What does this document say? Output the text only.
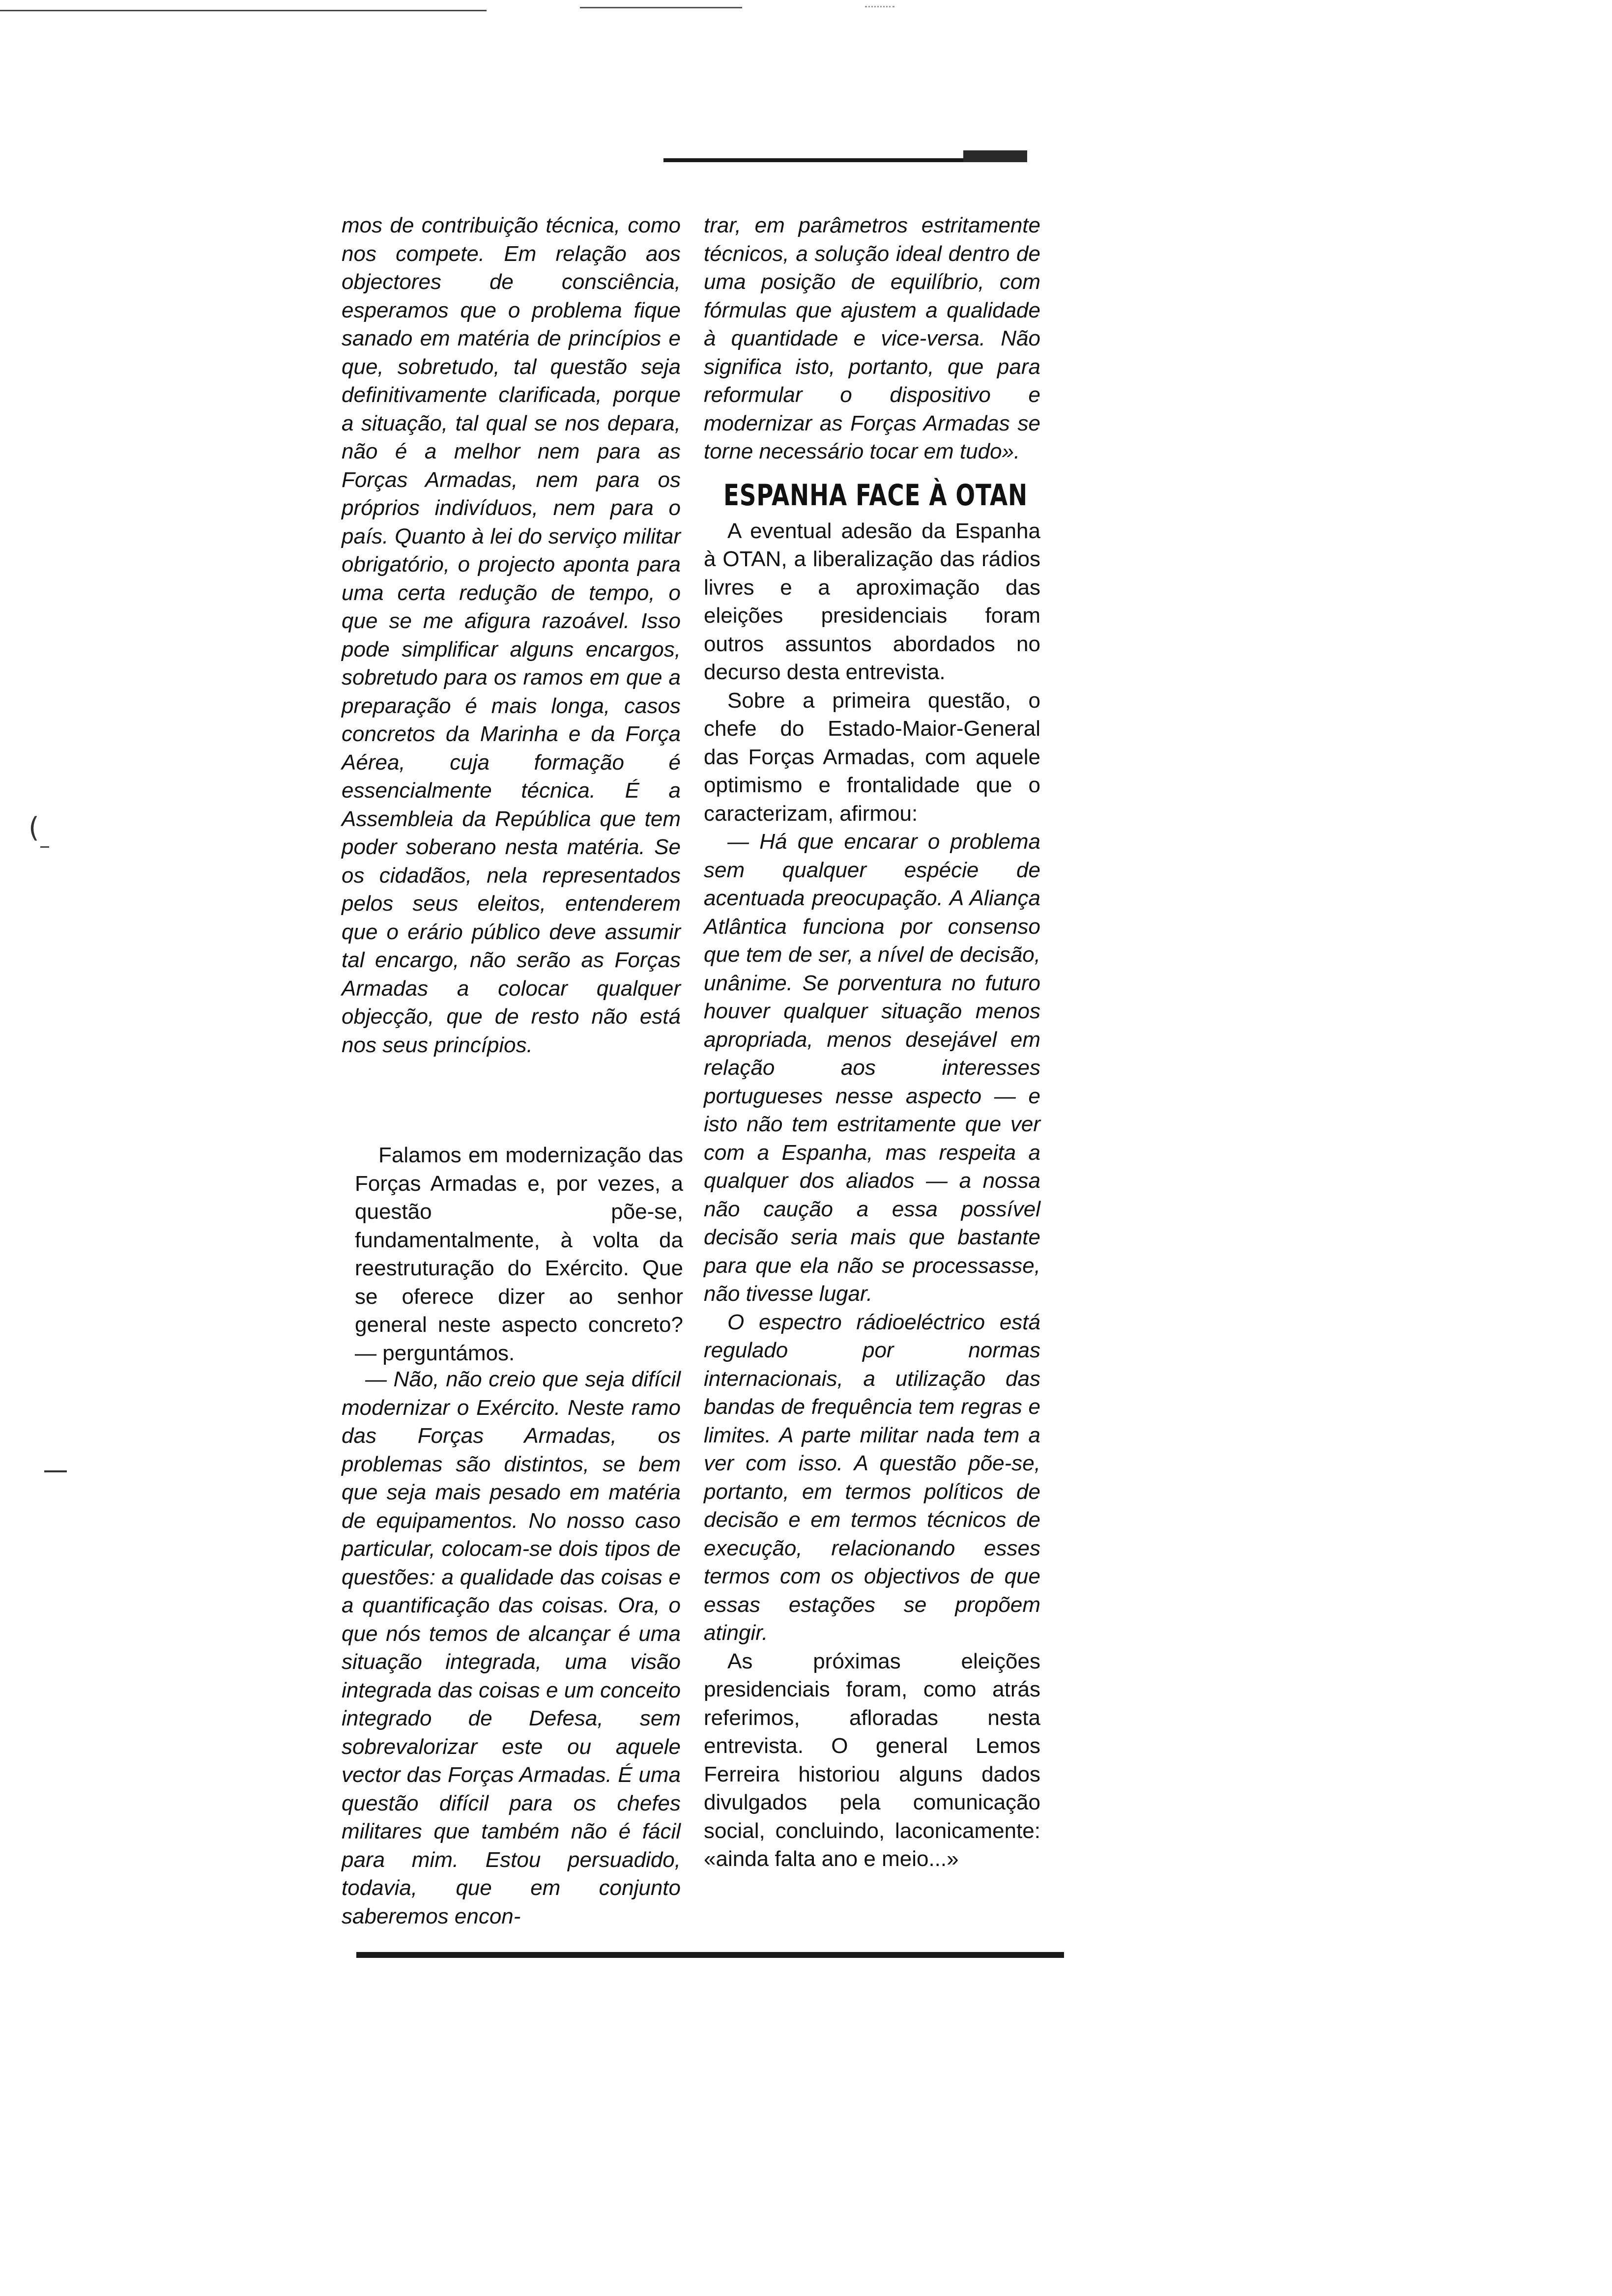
(

mos de contribuição técnica, como nos compete. Em relação aos objectores de consciência, esperamos que o problema fique sanado em matéria de princípios e que, sobretudo, tal questão seja definitivamente clarificada, porque a situação, tal qual se nos depara, não é a melhor nem para as Forças Armadas, nem para os próprios indivíduos, nem para o país. Quanto à lei do serviço militar obrigatório, o projecto aponta para uma certa redução de tempo, o que se me afigura razoável. Isso pode simplificar alguns encargos, sobretudo para os ramos em que a preparação é mais longa, casos concretos da Marinha e da Força Aérea, cuja formação é essencialmente técnica. É a Assembleia da República que tem poder soberano nesta matéria. Se os cidadãos, nela representados pelos seus eleitos, entenderem que o erário público deve assumir tal encargo, não serão as Forças Armadas a colocar qualquer objecção, que de resto não está nos seus princípios.

Falamos em modernização das Forças Armadas e, por vezes, a questão põe-se, fundamentalmente, à volta da reestruturação do Exército. Que se oferece dizer ao senhor general neste aspecto concreto? — perguntámos.

— Não, não creio que seja difícil modernizar o Exército. Neste ramo das Forças Armadas, os problemas são distintos, se bem que seja mais pesado em matéria de equipamentos. No nosso caso particular, colocam-se dois tipos de questões: a qualidade das coisas e a quantificação das coisas. Ora, o que nós temos de alcançar é uma situação integrada, uma visão integrada das coisas e um conceito integrado de Defesa, sem sobrevalorizar este ou aquele vector das Forças Armadas. É uma questão difícil para os chefes militares que também não é fácil para mim. Estou persuadido, todavia, que em conjunto saberemos encon-

trar, em parâmetros estritamente técnicos, a solução ideal dentro de uma posição de equilíbrio, com fórmulas que ajustem a qualidade à quantidade e vice-versa. Não significa isto, portanto, que para reformular o dispositivo e modernizar as Forças Armadas se torne necessário tocar em tudo».

ESPANHA FACE À OTAN

A eventual adesão da Espanha à OTAN, a liberalização das rádios livres e a aproximação das eleições presidenciais foram outros assuntos abordados no decurso desta entrevista.

Sobre a primeira questão, o chefe do Estado-Maior-General das Forças Armadas, com aquele optimismo e frontalidade que o caracterizam, afirmou:

— Há que encarar o problema sem qualquer espécie de acentuada preocupação. A Aliança Atlântica funciona por consenso que tem de ser, a nível de decisão, unânime. Se porventura no futuro houver qualquer situação menos apropriada, menos desejável em relação aos interesses portugueses nesse aspecto — e isto não tem estritamente que ver com a Espanha, mas respeita a qualquer dos aliados — a nossa não caução a essa possível decisão seria mais que bastante para que ela não se processasse, não tivesse lugar.

O espectro rádioeléctrico está regulado por normas internacionais, a utilização das bandas de frequência tem regras e limites. A parte militar nada tem a ver com isso. A questão põe-se, portanto, em termos políticos de decisão e em termos técnicos de execução, relacionando esses termos com os objectivos de que essas estações se propõem atingir.

As próximas eleições presidenciais foram, como atrás referimos, afloradas nesta entrevista. O general Lemos Ferreira historiou alguns dados divulgados pela comunicação social, concluindo, laconicamente: «ainda falta ano e meio...»
